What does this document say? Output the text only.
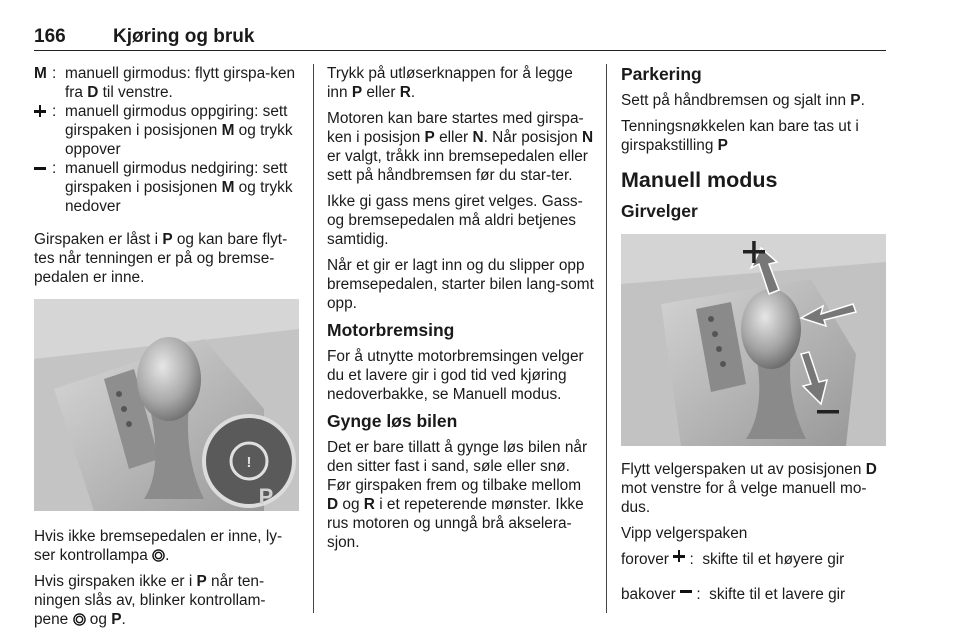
166 Kjøring og bruk
M : manuell girmodus: flytt girspa-ken fra D til venstre.
: manuell girmodus oppgiring: sett girspaken i posisjonen M og trykk oppover
: manuell girmodus nedgiring: sett girspaken i posisjonen M og trykk nedover

Girspaken er låst i P og kan bare flyt-tes når tenningen er på og bremse-pedalen er inne.

!
P

Hvis ikke bremsepedalen er inne, ly-ser kontrollampa .

Hvis girspaken ikke er i P når ten-ningen slås av, blinker kontrollam-pene  og P.

Trykk på utløserknappen for å legge inn P eller R.

Motoren kan bare startes med girspa-ken i posisjon P eller N. Når posisjon N er valgt, tråkk inn bremsepedalen eller sett på håndbremsen før du star-ter.

Ikke gi gass mens giret velges. Gass- og bremsepedalen må aldri betjenes samtidig.

Når et gir er lagt inn og du slipper opp bremsepedalen, starter bilen lang-somt opp.

Motorbremsing

For å utnytte motorbremsingen velger du et lavere gir i god tid ved kjøring nedoverbakke, se Manuell modus.

Gynge løs bilen

Det er bare tillatt å gynge løs bilen når den sitter fast i sand, søle eller snø. Før girspaken frem og tilbake mellom D og R i et repeterende mønster. Ikke rus motoren og unngå brå akselera-sjon.

Parkering

Sett på håndbremsen og sjalt inn P.

Tenningsnøkkelen kan bare tas ut i girspakstilling P

Manuell modus
Girvelger

Flytt velgerspaken ut av posisjonen D mot venstre for å velge manuell mo-dus.

Vipp velgerspaken

forover

:
skifte til et høyere gir
bakover

:
skifte til et lavere gir
